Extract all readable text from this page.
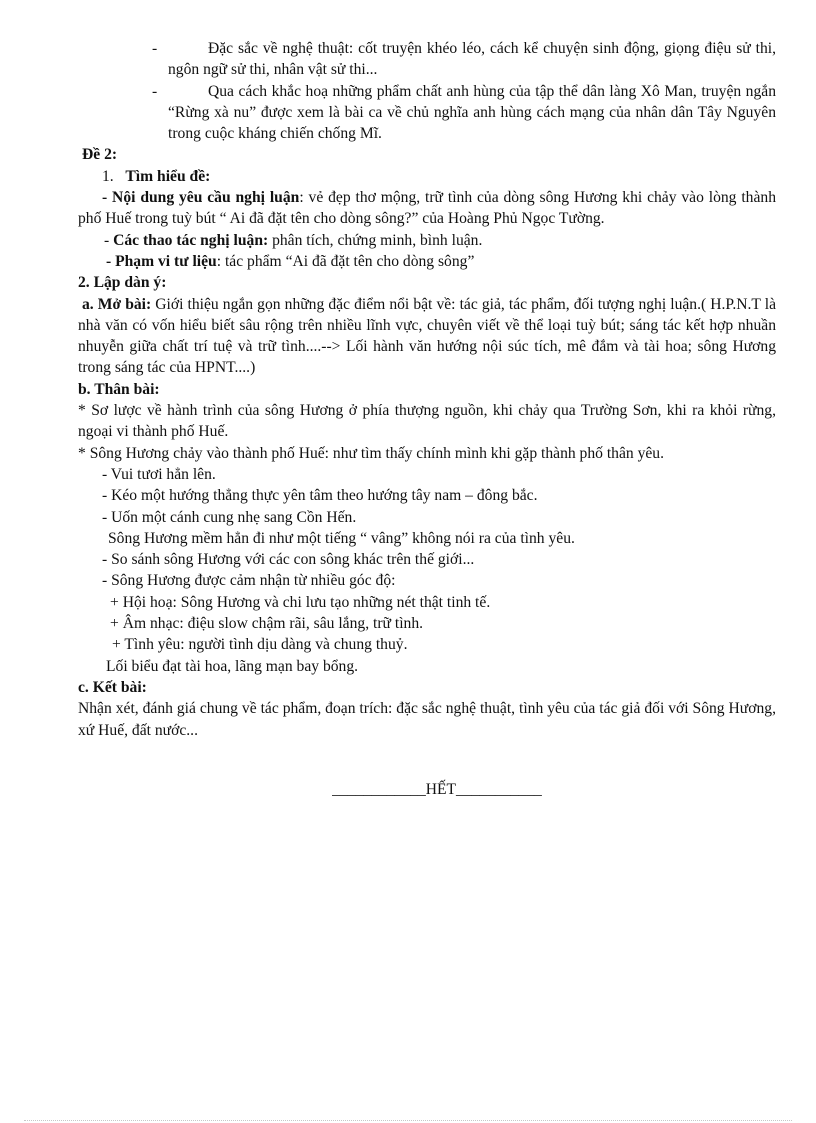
-	Đặc sắc về nghệ thuật: cốt truyện khéo léo, cách kể chuyện sinh động, giọng điệu sử thi, ngôn ngữ sử thi, nhân vật sử thi...

-	Qua cách khắc hoạ những phẩm chất anh hùng của tập thể dân làng Xô Man, truyện ngắn “Rừng xà nu” được xem là bài ca về chủ nghĩa anh hùng cách mạng của nhân dân Tây Nguyên trong cuộc kháng chiến chống Mĩ.

Đề 2:

1. Tìm hiểu đề:

- Nội dung yêu cầu nghị luận: vẻ đẹp thơ mộng, trữ tình của dòng sông Hương khi chảy vào lòng thành phố Huế trong tuỳ bút “ Ai đã đặt tên cho dòng sông?” của Hoàng Phủ Ngọc Tường.

- Các thao tác nghị luận: phân tích, chứng minh, bình luận.

- Phạm vi tư liệu: tác phẩm “Ai đã đặt tên cho dòng sông”

2. Lập dàn ý:

a. Mở bài: Giới thiệu ngắn gọn những đặc điểm nổi bật về: tác giả, tác phẩm, đối tượng nghị luận.( H.P.N.T là nhà văn có vốn hiểu biết sâu rộng trên nhiều lĩnh vực, chuyên viết về thể loại tuỳ bút; sáng tác kết hợp nhuần nhuyễn giữa chất trí tuệ và trữ tình....--> Lối hành văn hướng nội súc tích, mê đắm và tài hoa; sông Hương trong sáng tác của HPNT....)

b. Thân bài:

* Sơ lược về hành trình của sông Hương ở phía thượng nguồn, khi chảy qua Trường Sơn, khi ra khỏi rừng, ngoại vi thành phố Huế.

* Sông Hương chảy vào thành phố Huế: như tìm thấy chính mình khi gặp thành phố thân yêu.

- Vui tươi hẳn lên.

- Kéo một hướng thẳng thực yên tâm theo hướng tây nam – đông bắc.

- Uốn một cánh cung nhẹ sang Cồn Hến.

Sông Hương mềm hẳn đi như một tiếng “ vâng” không nói ra của tình yêu.

- So sánh sông Hương với các con sông khác trên thế giới...

- Sông Hương được cảm nhận từ nhiều góc độ:

+ Hội hoạ: Sông Hương và chi lưu tạo những nét thật tinh tế.

+ Âm nhạc: điệu slow chậm rãi, sâu lắng, trữ tình.

+ Tình yêu: người tình dịu dàng và chung thuỷ.

Lối biểu đạt tài hoa, lãng mạn bay bổng.

c. Kết bài:

Nhận xét, đánh giá chung về tác phẩm, đoạn trích: đặc sắc nghệ thuật, tình yêu của tác giả đối với Sông Hương, xứ Huế, đất nước...

____________HẾT___________
